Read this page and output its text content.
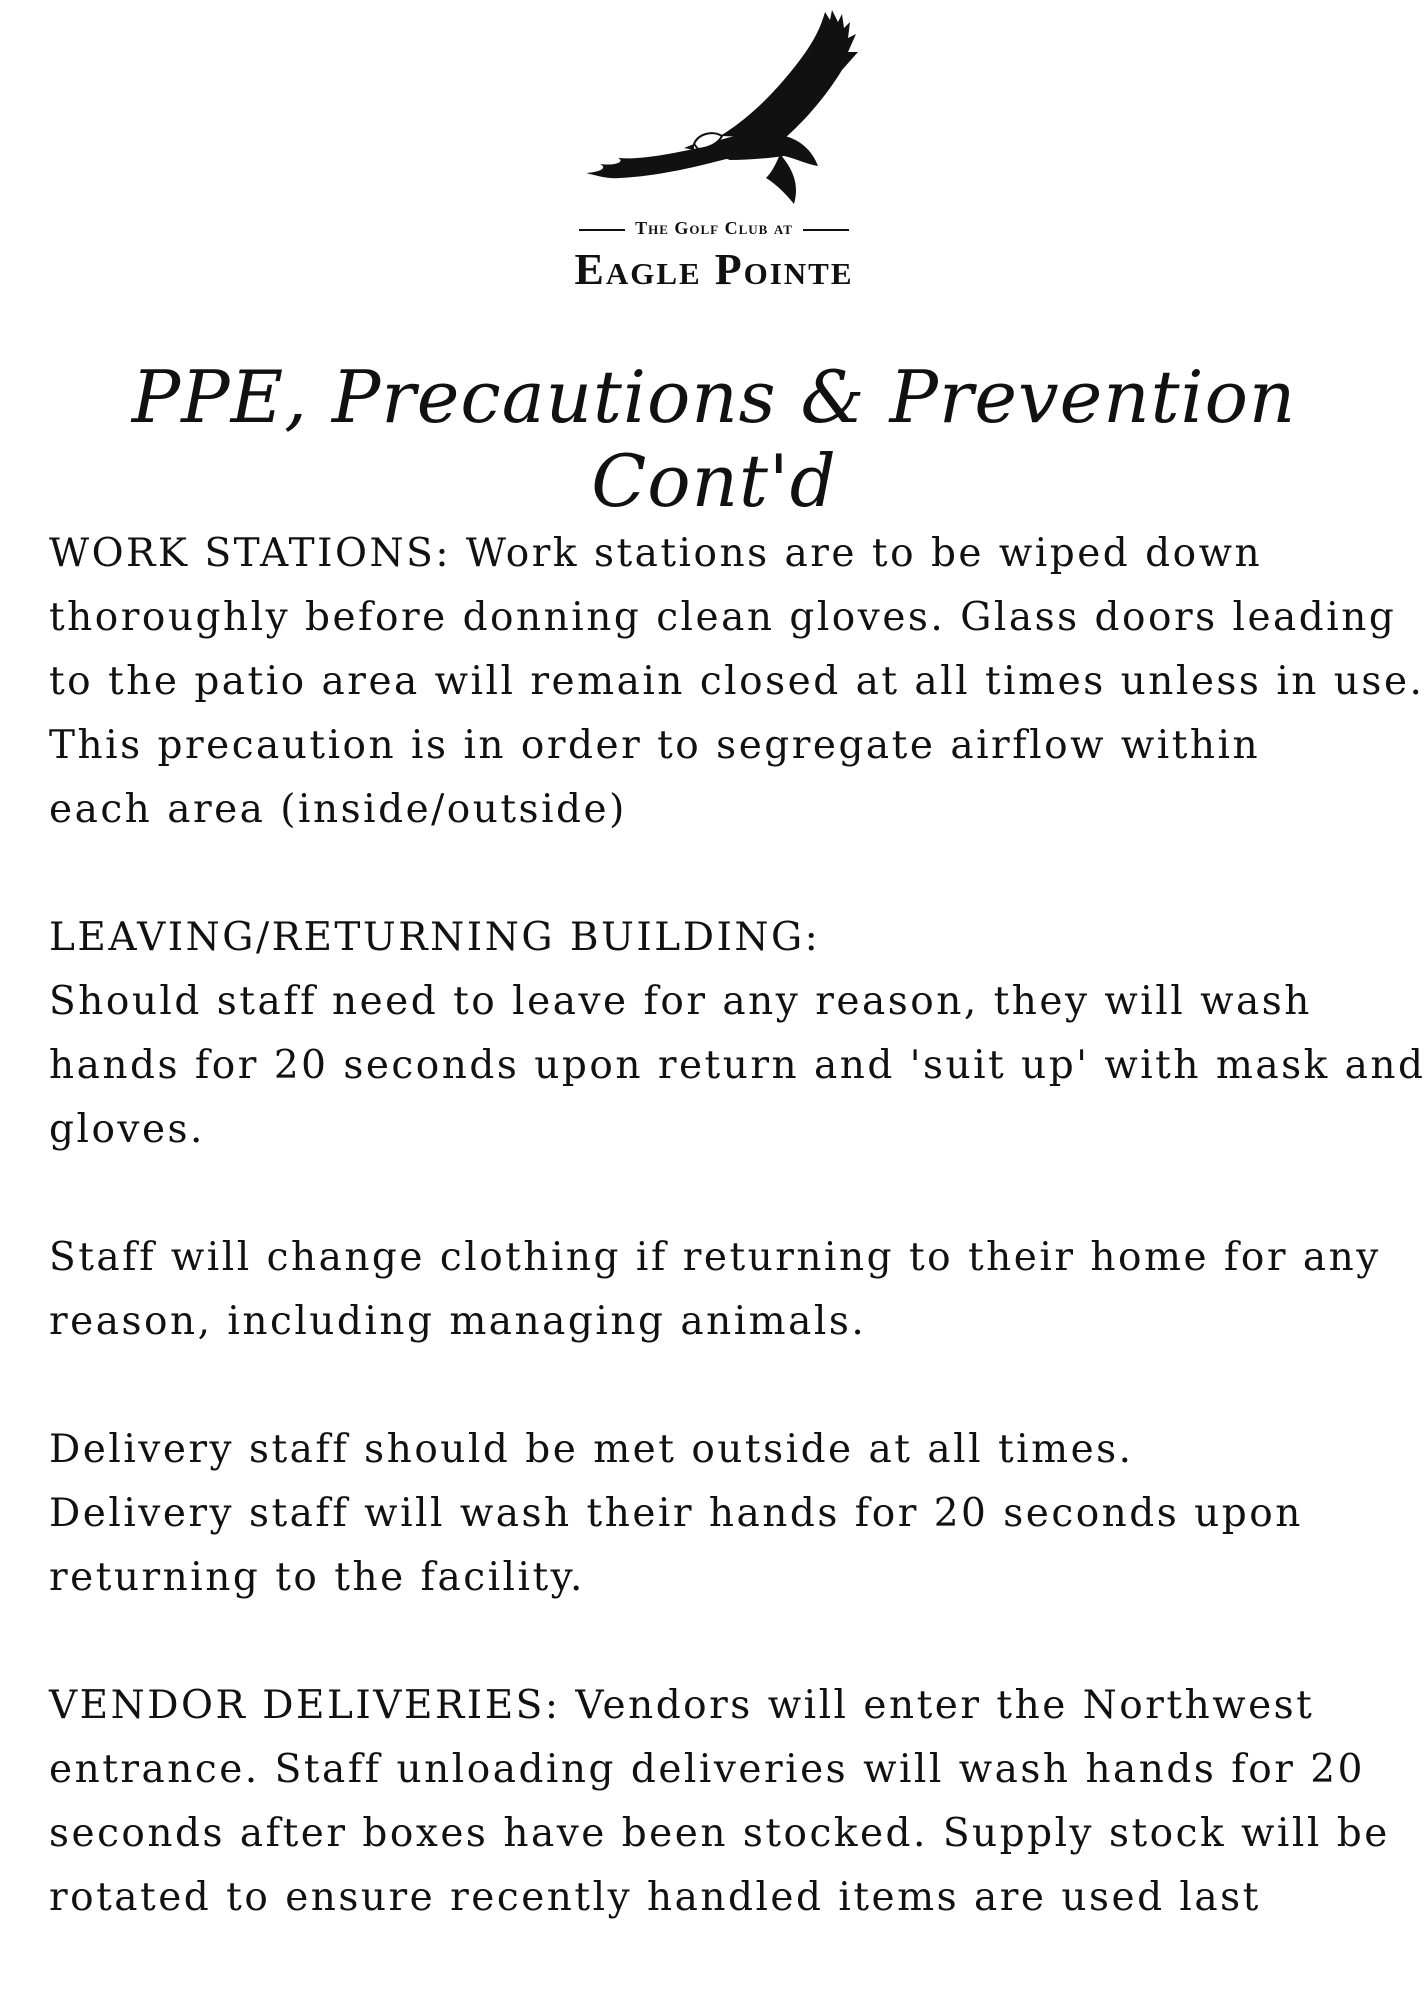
The Golf Club at
Eagle Pointe
PPE, Precautions & Prevention Cont'd

WORK STATIONS: Work stations are to be wiped down
thoroughly before donning clean gloves. Glass doors leading
to the patio area will remain closed at all times unless in use.
This precaution is in order to segregate airflow within
each area (inside/outside)

LEAVING/RETURNING BUILDING:
Should staff need to leave for any reason, they will wash
hands for 20 seconds upon return and 'suit up' with mask and
gloves.

Staff will change clothing if returning to their home for any
reason, including managing animals.

Delivery staff should be met outside at all times.
Delivery staff will wash their hands for 20 seconds upon
returning to the facility.

VENDOR DELIVERIES: Vendors will enter the Northwest
entrance. Staff unloading deliveries will wash hands for 20
seconds after boxes have been stocked. Supply stock will be
rotated to ensure recently handled items are used last
